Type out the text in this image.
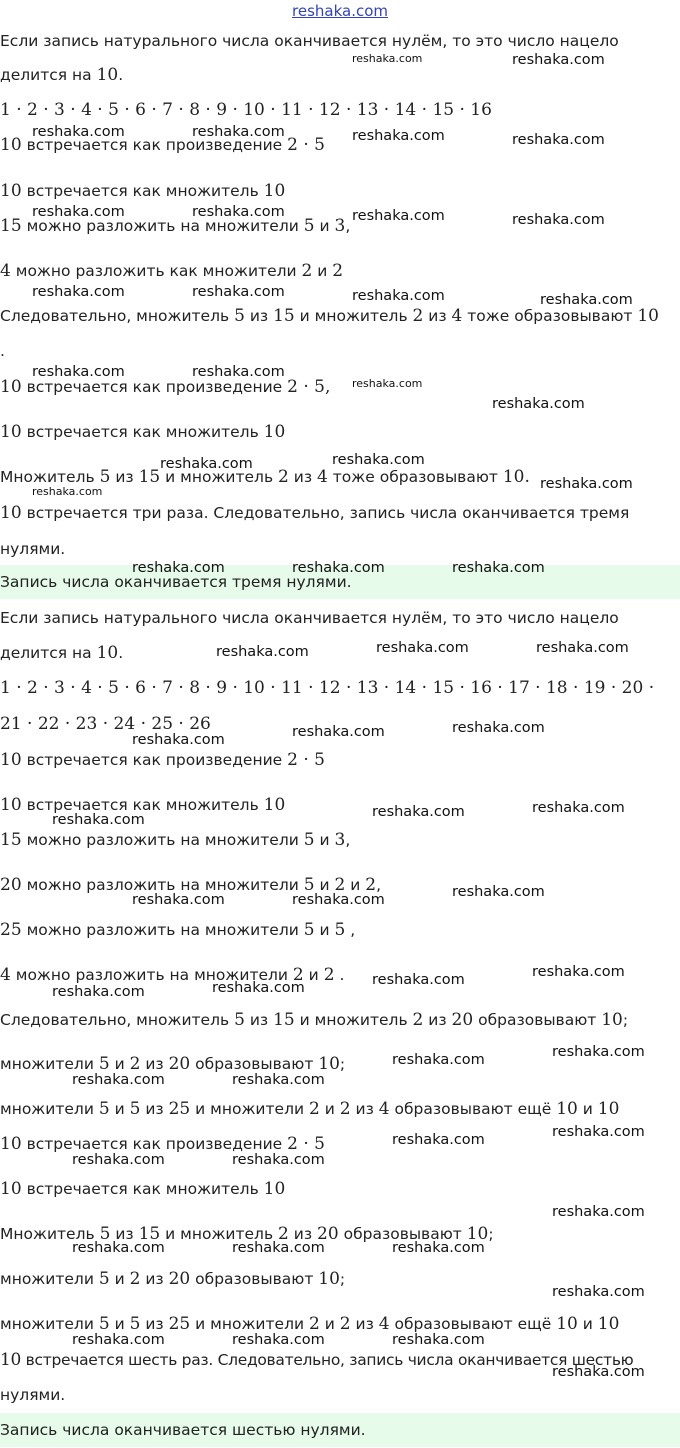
reshaka.com
Если запись натурального числа оканчивается нулём, то это число нацело
делится на 10.
1 · 2 · 3 · 4 · 5 · 6 · 7 · 8 · 9 · 10 · 11 · 12 · 13 · 14 · 15 · 16
10 встречается как произведение 2 · 5
10 встречается как множитель 10
15 можно разложить на множители 5 и 3,
4 можно разложить как множители 2 и 2
Следовательно, множитель 5 из 15 и множитель 2 из 4 тоже образовывают 10
.
10 встречается как произведение 2 · 5,
10 встречается как множитель 10
Множитель 5 из 15 и множитель 2 из 4 тоже образовывают 10.
10 встречается три раза. Следовательно, запись числа оканчивается тремя
нулями.
Запись числа оканчивается тремя нулями.
Если запись натурального числа оканчивается нулём, то это число нацело
делится на 10.
1 · 2 · 3 · 4 · 5 · 6 · 7 · 8 · 9 · 10 · 11 · 12 · 13 · 14 · 15 · 16 · 17 · 18 · 19 · 20 ·
21 · 22 · 23 · 24 · 25 · 26
10 встречается как произведение 2 · 5
10 встречается как множитель 10
15 можно разложить на множители 5 и 3,
20 можно разложить на множители 5 и 2 и 2,
25 можно разложить на множители 5 и 5 ,
4 можно разложить на множители 2 и 2 .
Следовательно, множитель 5 из 15 и множитель 2 из 20 образовывают 10;
множители 5 и 2 из 20 образовывают 10;
множители 5 и 5 из 25 и множители 2 и 2 из 4 образовывают ещё 10 и 10
10 встречается как произведение 2 · 5
10 встречается как множитель 10
Множитель 5 из 15 и множитель 2 из 20 образовывают 10;
множители 5 и 2 из 20 образовывают 10;
множители 5 и 5 из 25 и множители 2 и 2 из 4 образовывают ещё 10 и 10
10 встречается шесть раз. Следовательно, запись числа оканчивается шестью
нулями.
Запись числа оканчивается шестью нулями.
reshaka.com	reshaka.com
reshaka.com	reshaka.com	reshaka.com	reshaka.com
reshaka.com	reshaka.com	reshaka.com	reshaka.com
reshaka.com	reshaka.com	reshaka.com	reshaka.com
reshaka.com	reshaka.com
reshaka.com
reshaka.com
reshaka.com	reshaka.com
reshaka.com	reshaka.com
reshaka.com	reshaka.com	reshaka.com
reshaka.com	reshaka.com	reshaka.com
reshaka.com	reshaka.com	reshaka.com
reshaka.com	reshaka.com	reshaka.com
reshaka.com	reshaka.com	reshaka.com
reshaka.com	reshaka.com	reshaka.com	reshaka.com
reshaka.com	reshaka.com
reshaka.com	reshaka.com
reshaka.com	reshaka.com
reshaka.com	reshaka.com
reshaka.com
reshaka.com	reshaka.com	reshaka.com
reshaka.com
reshaka.com	reshaka.com	reshaka.com
reshaka.com
